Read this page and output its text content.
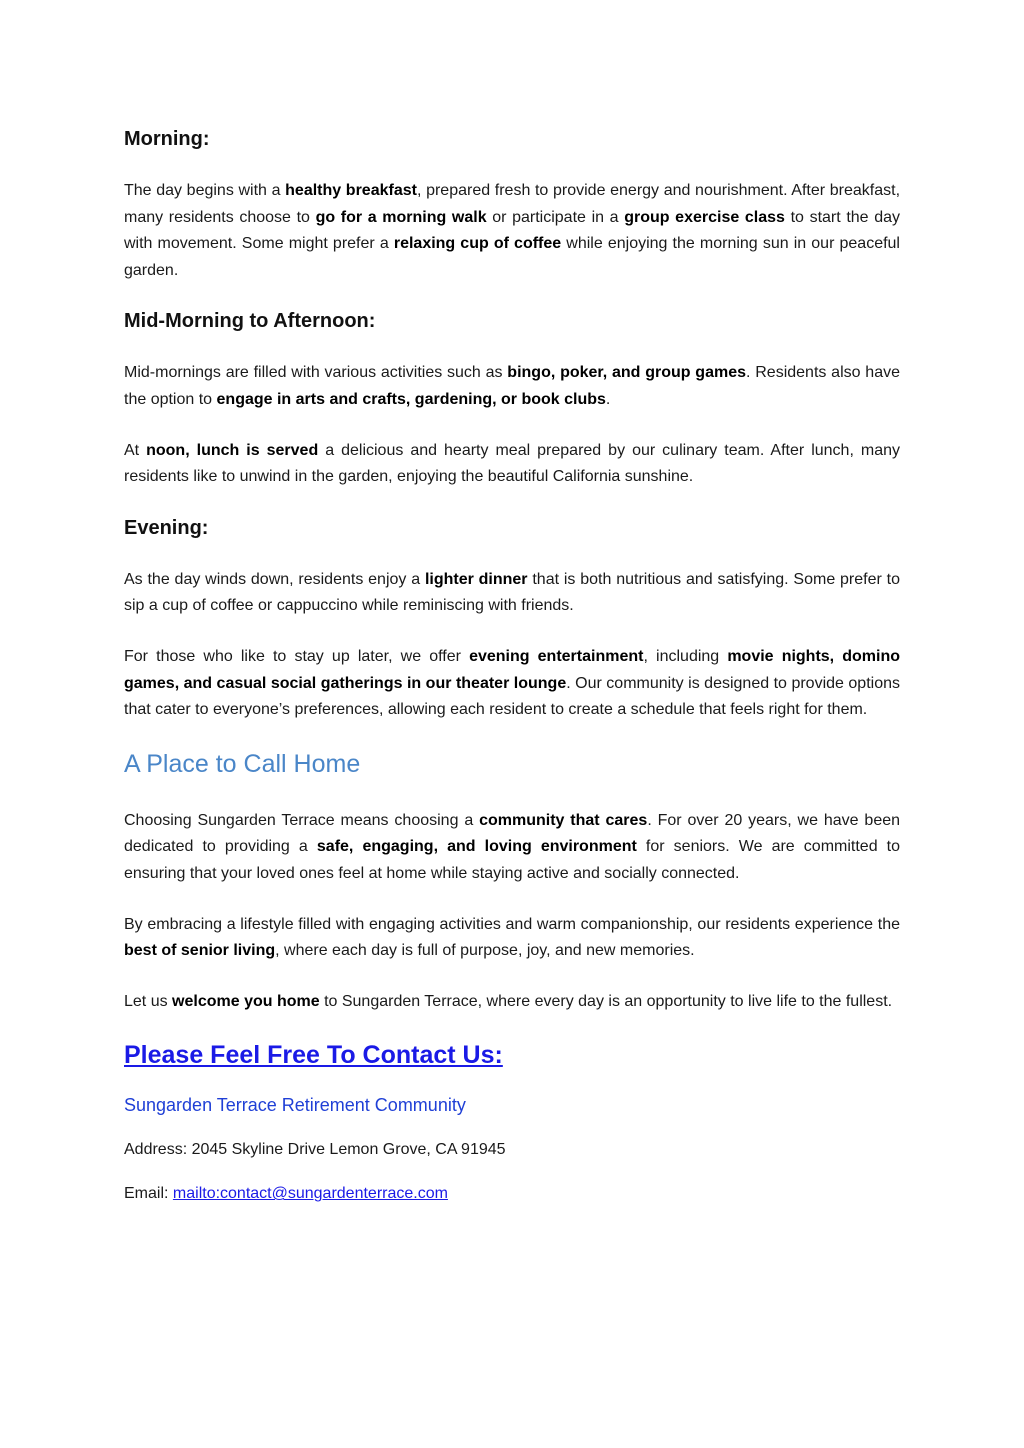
Morning:

The day begins with a healthy breakfast, prepared fresh to provide energy and nourishment. After breakfast, many residents choose to go for a morning walk or participate in a group exercise class to start the day with movement. Some might prefer a relaxing cup of coffee while enjoying the morning sun in our peaceful garden.

Mid-Morning to Afternoon:

Mid-mornings are filled with various activities such as bingo, poker, and group games. Residents also have the option to engage in arts and crafts, gardening, or book clubs.

At noon, lunch is served a delicious and hearty meal prepared by our culinary team. After lunch, many residents like to unwind in the garden, enjoying the beautiful California sunshine.

Evening:

As the day winds down, residents enjoy a lighter dinner that is both nutritious and satisfying. Some prefer to sip a cup of coffee or cappuccino while reminiscing with friends.

For those who like to stay up later, we offer evening entertainment, including movie nights, domino games, and casual social gatherings in our theater lounge. Our community is designed to provide options that cater to everyone’s preferences, allowing each resident to create a schedule that feels right for them.

A Place to Call Home

Choosing Sungarden Terrace means choosing a community that cares. For over 20 years, we have been dedicated to providing a safe, engaging, and loving environment for seniors. We are committed to ensuring that your loved ones feel at home while staying active and socially connected.

By embracing a lifestyle filled with engaging activities and warm companionship, our residents experience the best of senior living, where each day is full of purpose, joy, and new memories.

Let us welcome you home to Sungarden Terrace, where every day is an opportunity to live life to the fullest.

Please Feel Free To Contact Us:
Sungarden Terrace Retirement Community
Address: 2045 Skyline Drive Lemon Grove, CA 91945
Email: mailto:contact@sungardenterrace.com
